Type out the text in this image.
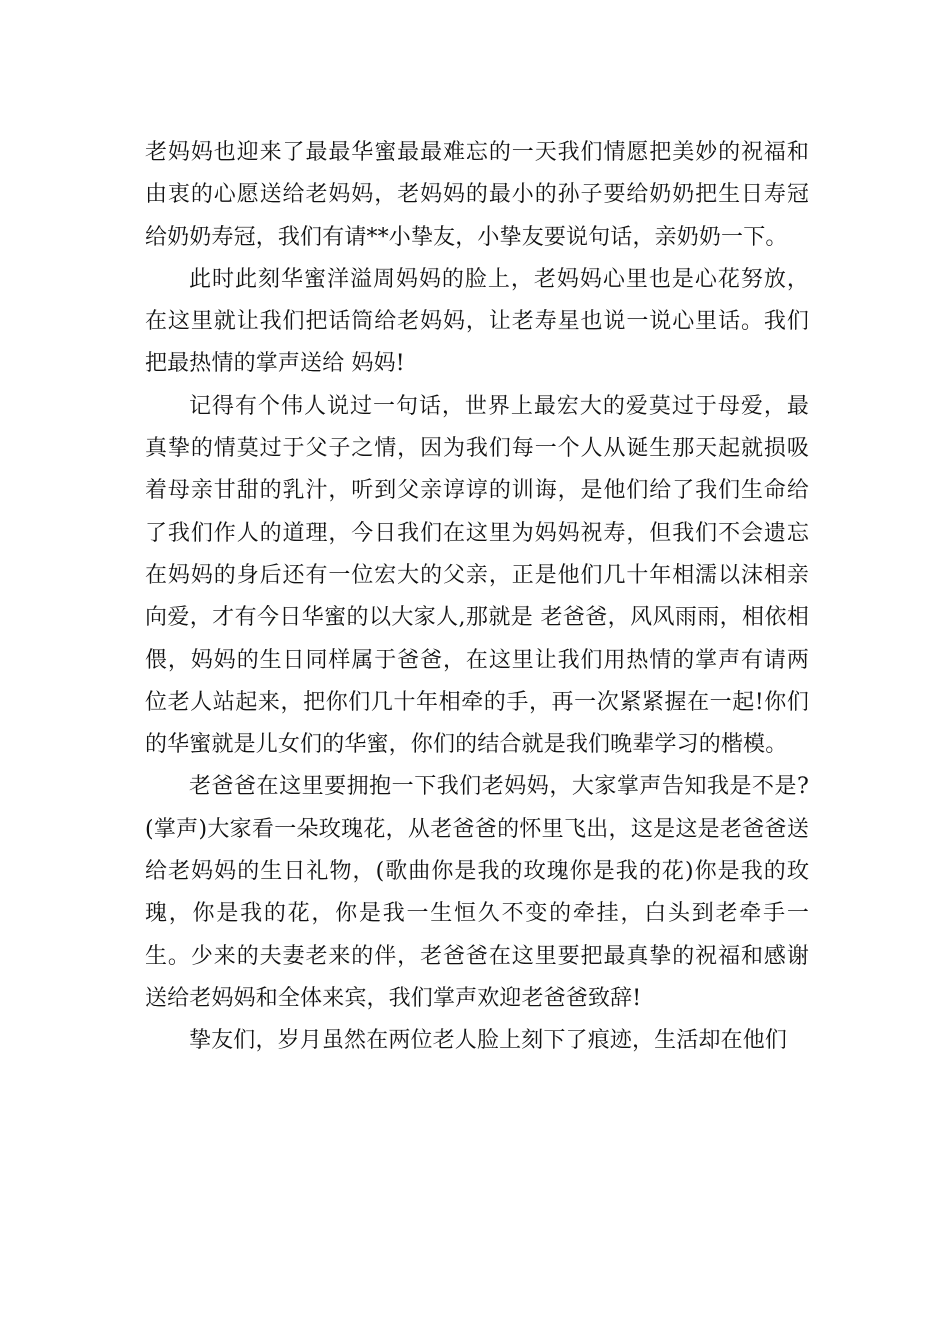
老妈妈也迎来了最最华蜜最最难忘的一天我们情愿把美妙的祝福和由衷的心愿送给老妈妈，老妈妈的最小的孙子要给奶奶把生日寿冠给奶奶寿冠，我们有请**小挚友，小挚友要说句话，亲奶奶一下。

此时此刻华蜜洋溢周妈妈的脸上，老妈妈心里也是心花努放，在这里就让我们把话筒给老妈妈，让老寿星也说一说心里话。我们把最热情的掌声送给 妈妈!

记得有个伟人说过一句话，世界上最宏大的爱莫过于母爱，最真挚的情莫过于父子之情，因为我们每一个人从诞生那天起就损吸着母亲甘甜的乳汁，听到父亲谆谆的训诲，是他们给了我们生命给了我们作人的道理，今日我们在这里为妈妈祝寿，但我们不会遗忘在妈妈的身后还有一位宏大的父亲，正是他们几十年相濡以沫相亲向爱，才有今日华蜜的以大家人,那就是 老爸爸，风风雨雨，相依相偎，妈妈的生日同样属于爸爸，在这里让我们用热情的掌声有请两位老人站起来，把你们几十年相牵的手，再一次紧紧握在一起!你们的华蜜就是儿女们的华蜜，你们的结合就是我们晚辈学习的楷模。

老爸爸在这里要拥抱一下我们老妈妈，大家掌声告知我是不是?(掌声)大家看一朵玫瑰花，从老爸爸的怀里飞出，这是这是老爸爸送给老妈妈的生日礼物，(歌曲你是我的玫瑰你是我的花)你是我的玫瑰，你是我的花，你是我一生恒久不变的牵挂，白头到老牵手一生。少来的夫妻老来的伴，老爸爸在这里要把最真挚的祝福和感谢送给老妈妈和全体来宾，我们掌声欢迎老爸爸致辞!

挚友们，岁月虽然在两位老人脸上刻下了痕迹，生活却在他们
